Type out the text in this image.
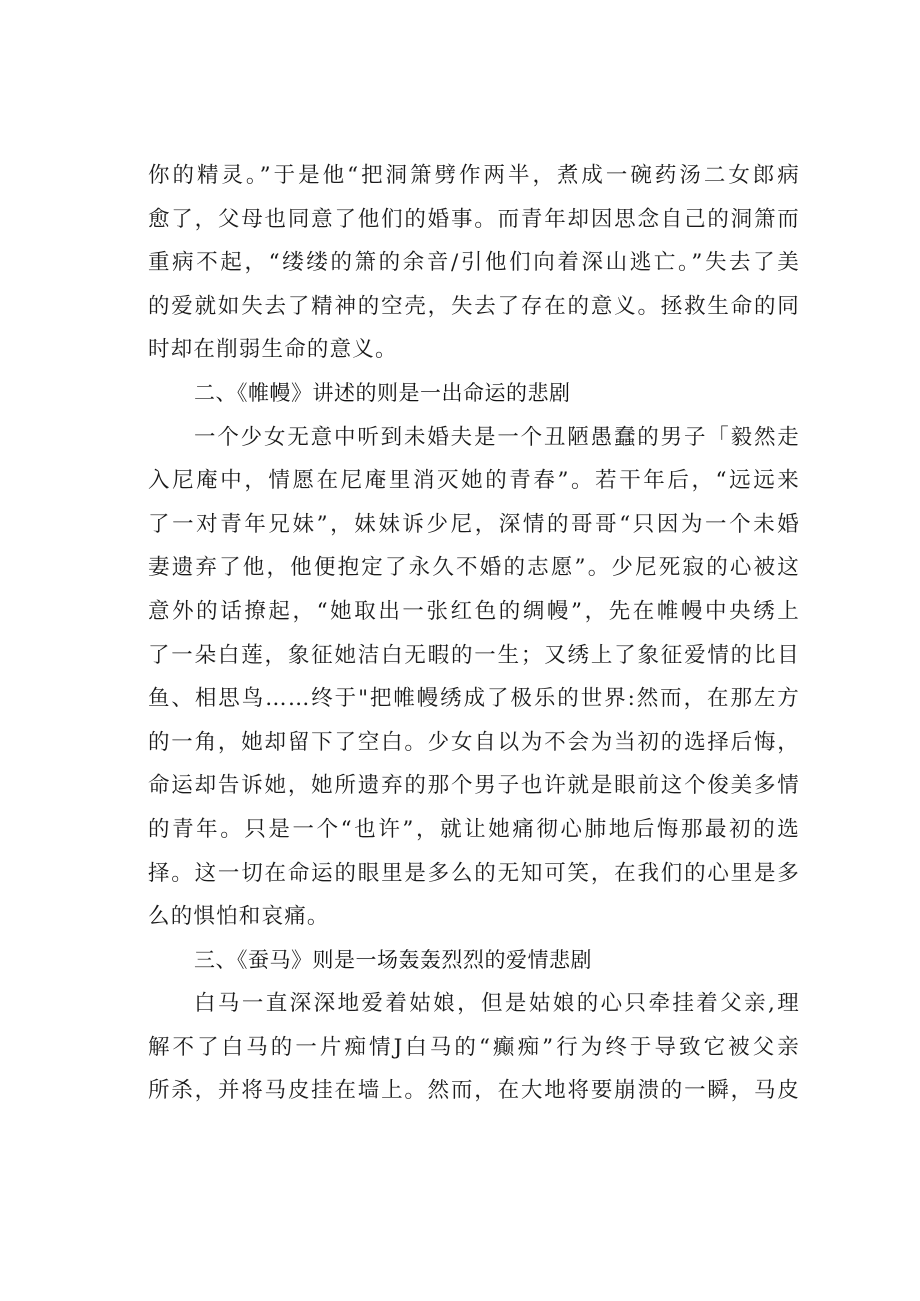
你的精灵。”于是他“把洞箫劈作两半，煮成一碗药汤二女郎病
愈了，父母也同意了他们的婚事。而青年却因思念自己的洞箫而
重病不起，“缕缕的箫的余音/引他们向着深山逃亡。”失去了美
的爱就如失去了精神的空壳，失去了存在的意义。拯救生命的同
时却在削弱生命的意义。
二、《帷幔》讲述的则是一出命运的悲剧
一个少女无意中听到未婚夫是一个丑陋愚蠢的男子「毅然走
入尼庵中，情愿在尼庵里消灭她的青春”。若干年后，“远远来
了一对青年兄妹”，妹妹诉少尼，深情的哥哥“只因为一个未婚
妻遗弃了他，他便抱定了永久不婚的志愿”。少尼死寂的心被这
意外的话撩起，“她取出一张红色的绸幔”，先在帷幔中央绣上
了一朵白莲，象征她洁白无暇的一生；又绣上了象征爱情的比目
鱼、相思鸟……终于"把帷幔绣成了极乐的世界:然而，在那左方
的一角，她却留下了空白。少女自以为不会为当初的选择后悔，
命运却告诉她，她所遗弃的那个男子也许就是眼前这个俊美多情
的青年。只是一个“也许”，就让她痛彻心肺地后悔那最初的选
择。这一切在命运的眼里是多么的无知可笑，在我们的心里是多
么的惧怕和哀痛。
三、《蚕马》则是一场轰轰烈烈的爱情悲剧
白马一直深深地爱着姑娘，但是姑娘的心只牵挂着父亲,理
解不了白马的一片痴情J白马的“癫痴”行为终于导致它被父亲
所杀，并将马皮挂在墙上。然而，在大地将要崩溃的一瞬，马皮
